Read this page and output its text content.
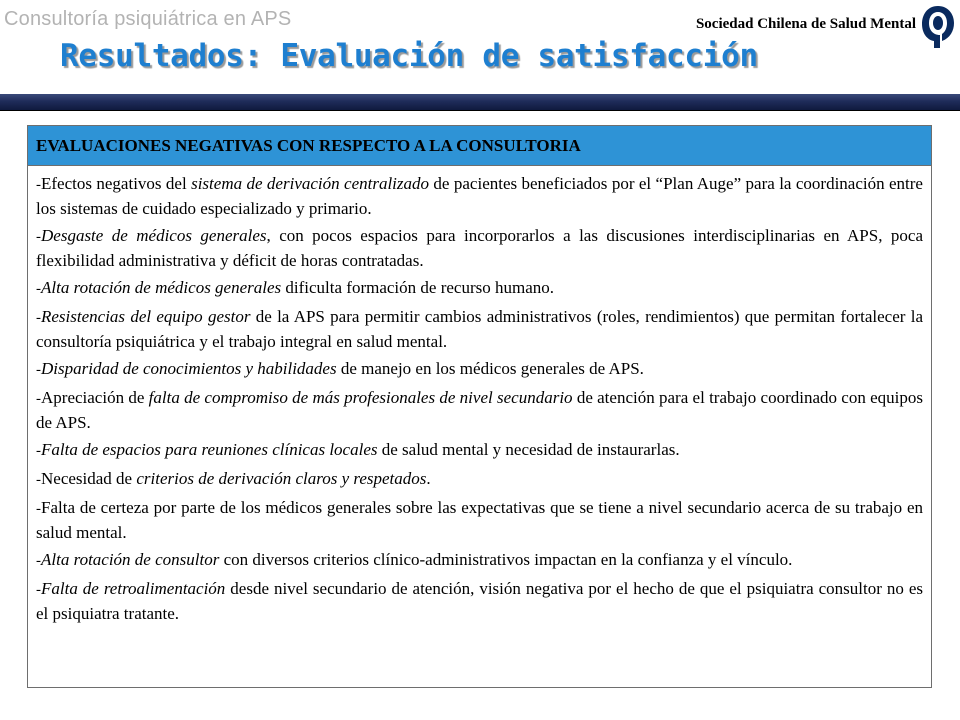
Consultoría psiquiátrica en APS	Sociedad Chilena de Salud Mental
Resultados: Evaluación de satisfacción
EVALUACIONES NEGATIVAS CON RESPECTO A LA CONSULTORIA
-Efectos negativos del sistema de derivación centralizado de pacientes beneficiados por el “Plan Auge” para la coordinación entre los sistemas de cuidado especializado y primario.
-Desgaste de médicos generales, con pocos espacios para incorporarlos a las discusiones interdisciplinarias en APS, poca flexibilidad administrativa y déficit de horas contratadas.
-Alta rotación de médicos generales dificulta formación de recurso humano.
-Resistencias del equipo gestor de la APS para permitir cambios administrativos (roles, rendimientos) que permitan fortalecer la consultoría psiquiátrica y el trabajo integral en salud mental.
-Disparidad de conocimientos y habilidades de manejo en los médicos generales de APS.
-Apreciación de falta de compromiso de más profesionales de nivel secundario de atención para el trabajo coordinado con equipos de APS.
-Falta de espacios para reuniones clínicas locales de salud mental y necesidad de instaurarlas.
-Necesidad de criterios de derivación claros y respetados.
-Falta de certeza por parte de los médicos generales sobre las expectativas que se tiene a nivel secundario acerca de su trabajo en salud mental.
-Alta rotación de consultor con diversos criterios clínico-administrativos impactan en la confianza y el vínculo.
-Falta de retroalimentación desde nivel secundario de atención, visión negativa por el hecho de que el psiquiatra consultor no es el psiquiatra tratante.
